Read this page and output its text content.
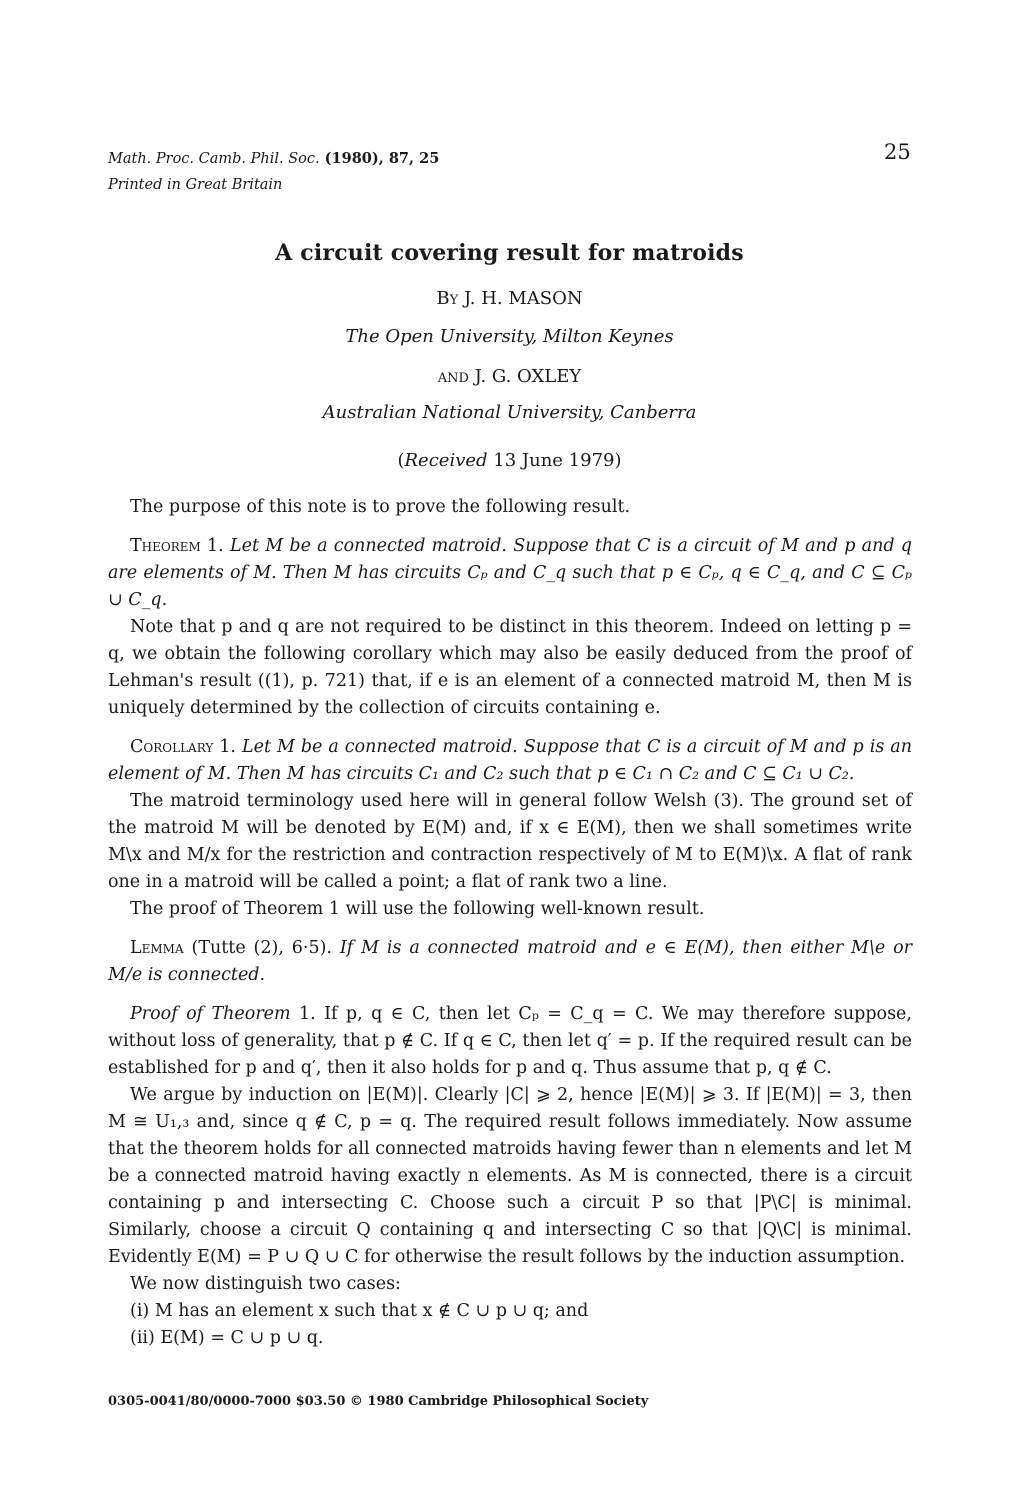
Math. Proc. Camb. Phil. Soc. (1980), 87, 25
Printed in Great Britain
25
A circuit covering result for matroids
By J. H. MASON
The Open University, Milton Keynes
and J. G. OXLEY
Australian National University, Canberra
(Received 13 June 1979)

The purpose of this note is to prove the following result.

Theorem 1. Let M be a connected matroid. Suppose that C is a circuit of M and p and q are elements of M. Then M has circuits Cₚ and C_q such that p ∈ Cₚ, q ∈ C_q, and C ⊆ Cₚ ∪ C_q.

Note that p and q are not required to be distinct in this theorem. Indeed on letting p = q, we obtain the following corollary which may also be easily deduced from the proof of Lehman's result ((1), p. 721) that, if e is an element of a connected matroid M, then M is uniquely determined by the collection of circuits containing e.

Corollary 1. Let M be a connected matroid. Suppose that C is a circuit of M and p is an element of M. Then M has circuits C₁ and C₂ such that p ∈ C₁ ∩ C₂ and C ⊆ C₁ ∪ C₂.

The matroid terminology used here will in general follow Welsh (3). The ground set of the matroid M will be denoted by E(M) and, if x ∈ E(M), then we shall sometimes write M\x and M/x for the restriction and contraction respectively of M to E(M)\x. A flat of rank one in a matroid will be called a point; a flat of rank two a line.

The proof of Theorem 1 will use the following well-known result.

Lemma (Tutte (2), 6·5). If M is a connected matroid and e ∈ E(M), then either M\e or M/e is connected.

Proof of Theorem 1. If p, q ∈ C, then let Cₚ = C_q = C. We may therefore suppose, without loss of generality, that p ∉ C. If q ∈ C, then let q′ = p. If the required result can be established for p and q′, then it also holds for p and q. Thus assume that p, q ∉ C.

We argue by induction on |E(M)|. Clearly |C| ⩾ 2, hence |E(M)| ⩾ 3. If |E(M)| = 3, then M ≅ U₁,₃ and, since q ∉ C, p = q. The required result follows immediately. Now assume that the theorem holds for all connected matroids having fewer than n elements and let M be a connected matroid having exactly n elements. As M is connected, there is a circuit containing p and intersecting C. Choose such a circuit P so that |P\C| is minimal. Similarly, choose a circuit Q containing q and intersecting C so that |Q\C| is minimal. Evidently E(M) = P ∪ Q ∪ C for otherwise the result follows by the induction assumption.

We now distinguish two cases:

(i) M has an element x such that x ∉ C ∪ p ∪ q; and

(ii) E(M) = C ∪ p ∪ q.

0305-0041/80/0000-7000 $03.50 © 1980 Cambridge Philosophical Society
